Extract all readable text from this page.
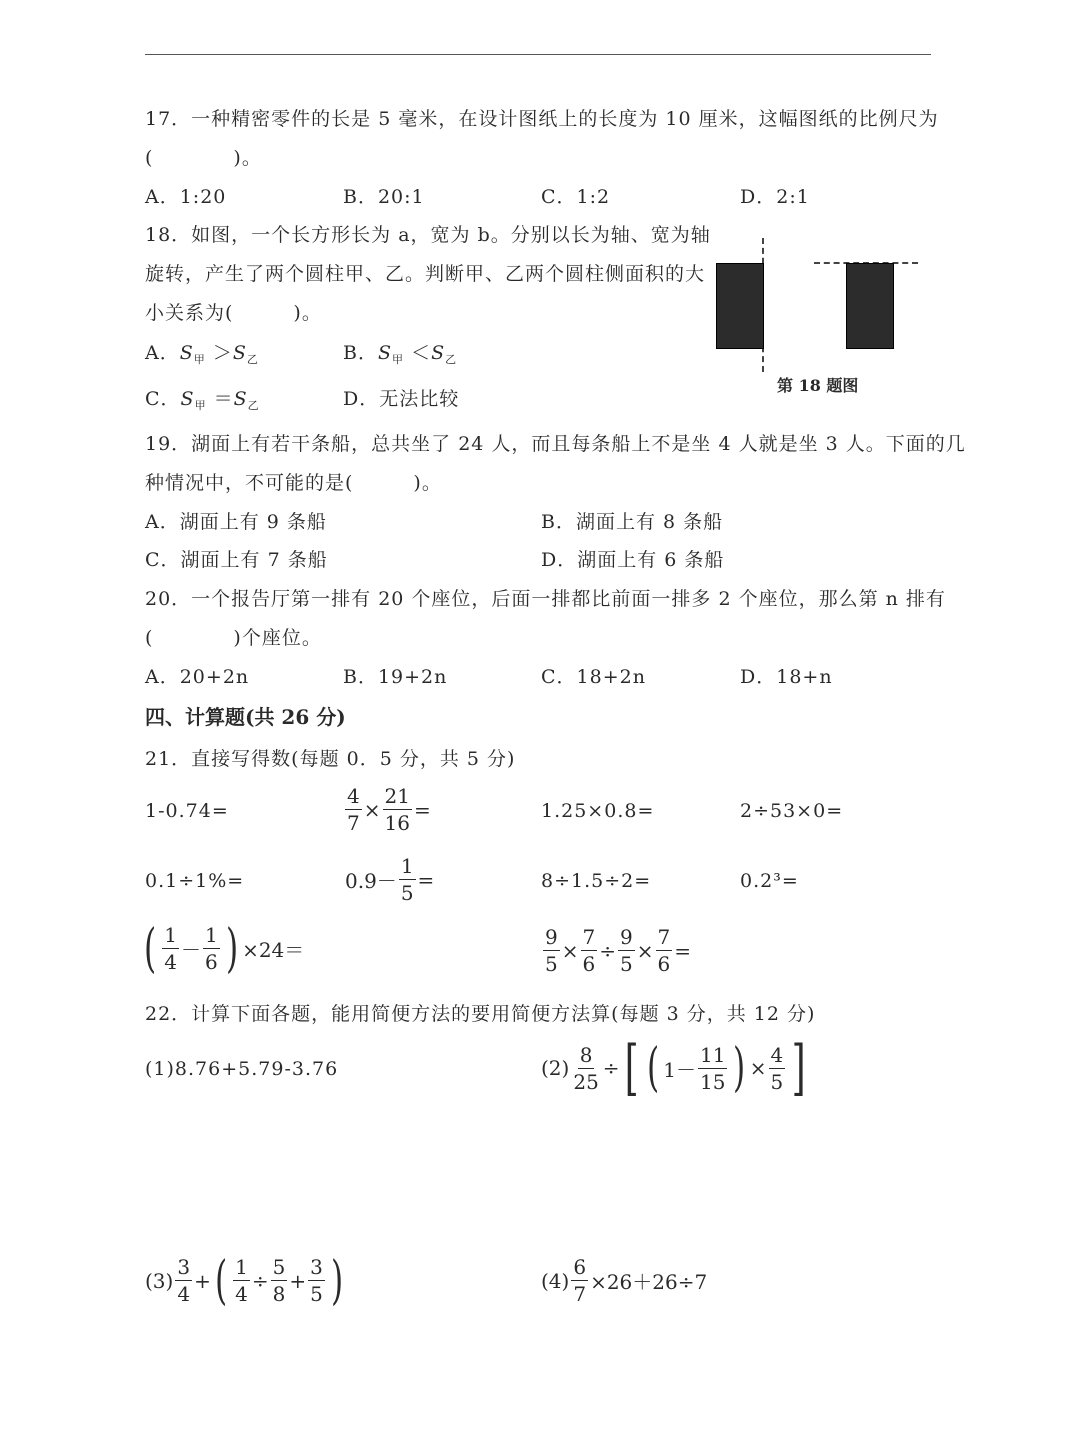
17．一种精密零件的长是 5 毫米，在设计图纸上的长度为 10 厘米，这幅图纸的比例尺为
(　　　　)。
A．1:20	B．20:1	C．1:2	D．2:1
18．如图，一个长方形长为 a，宽为 b。分别以长为轴、宽为轴
旋转，产生了两个圆柱甲、乙。判断甲、乙两个圆柱侧面积的大
小关系为(　　　)。
A．$S_甲 >S_乙$	B．$S_甲 <S_乙$
C．$S_甲 =S_乙$	D．无法比较
第 18 题图
19．湖面上有若干条船，总共坐了 24 人，而且每条船上不是坐 4 人就是坐 3 人。下面的几
种情况中，不可能的是(　　　)。
A．湖面上有 9 条船	B．湖面上有 8 条船
C．湖面上有 7 条船	D．湖面上有 6 条船
20．一个报告厅第一排有 20 个座位，后面一排都比前面一排多 2 个座位，那么第 n 排有
(　　　　)个座位。
A．20+2n	B．19+2n	C．18+2n	D．18+n
四、计算题(共 26 分)
21．直接写得数(每题 0．5 分，共 5 分)
1-0.74=	$\frac{4}{7} \times \frac{21}{16}$ =	1.25×0.8=	2÷53×0=
0.1÷1%=	$0.9- \frac{1}{5}$ =	8÷1.5÷2=	0.2³=
( $\frac{1}{4} - \frac{1}{6}$ ) ×24＝	$\frac{9}{5} \times \frac{7}{6} \div \frac{9}{5} \times \frac{7}{6}$ =
22．计算下面各题，能用简便方法的要用简便方法算(每题 3 分，共 12 分)
(1)8.76+5.79-3.76	$(2) \frac{8}{25}$ ÷ [ ( $1- \frac{11}{15}$ ) × $\frac{4}{5}$ ]
$(3) \frac{3}{4}$ + ( $\frac{1}{4} \div \frac{5}{8} + \frac{3}{5}$ )	$(4) \frac{6}{7} \times 26+26\div 7$
